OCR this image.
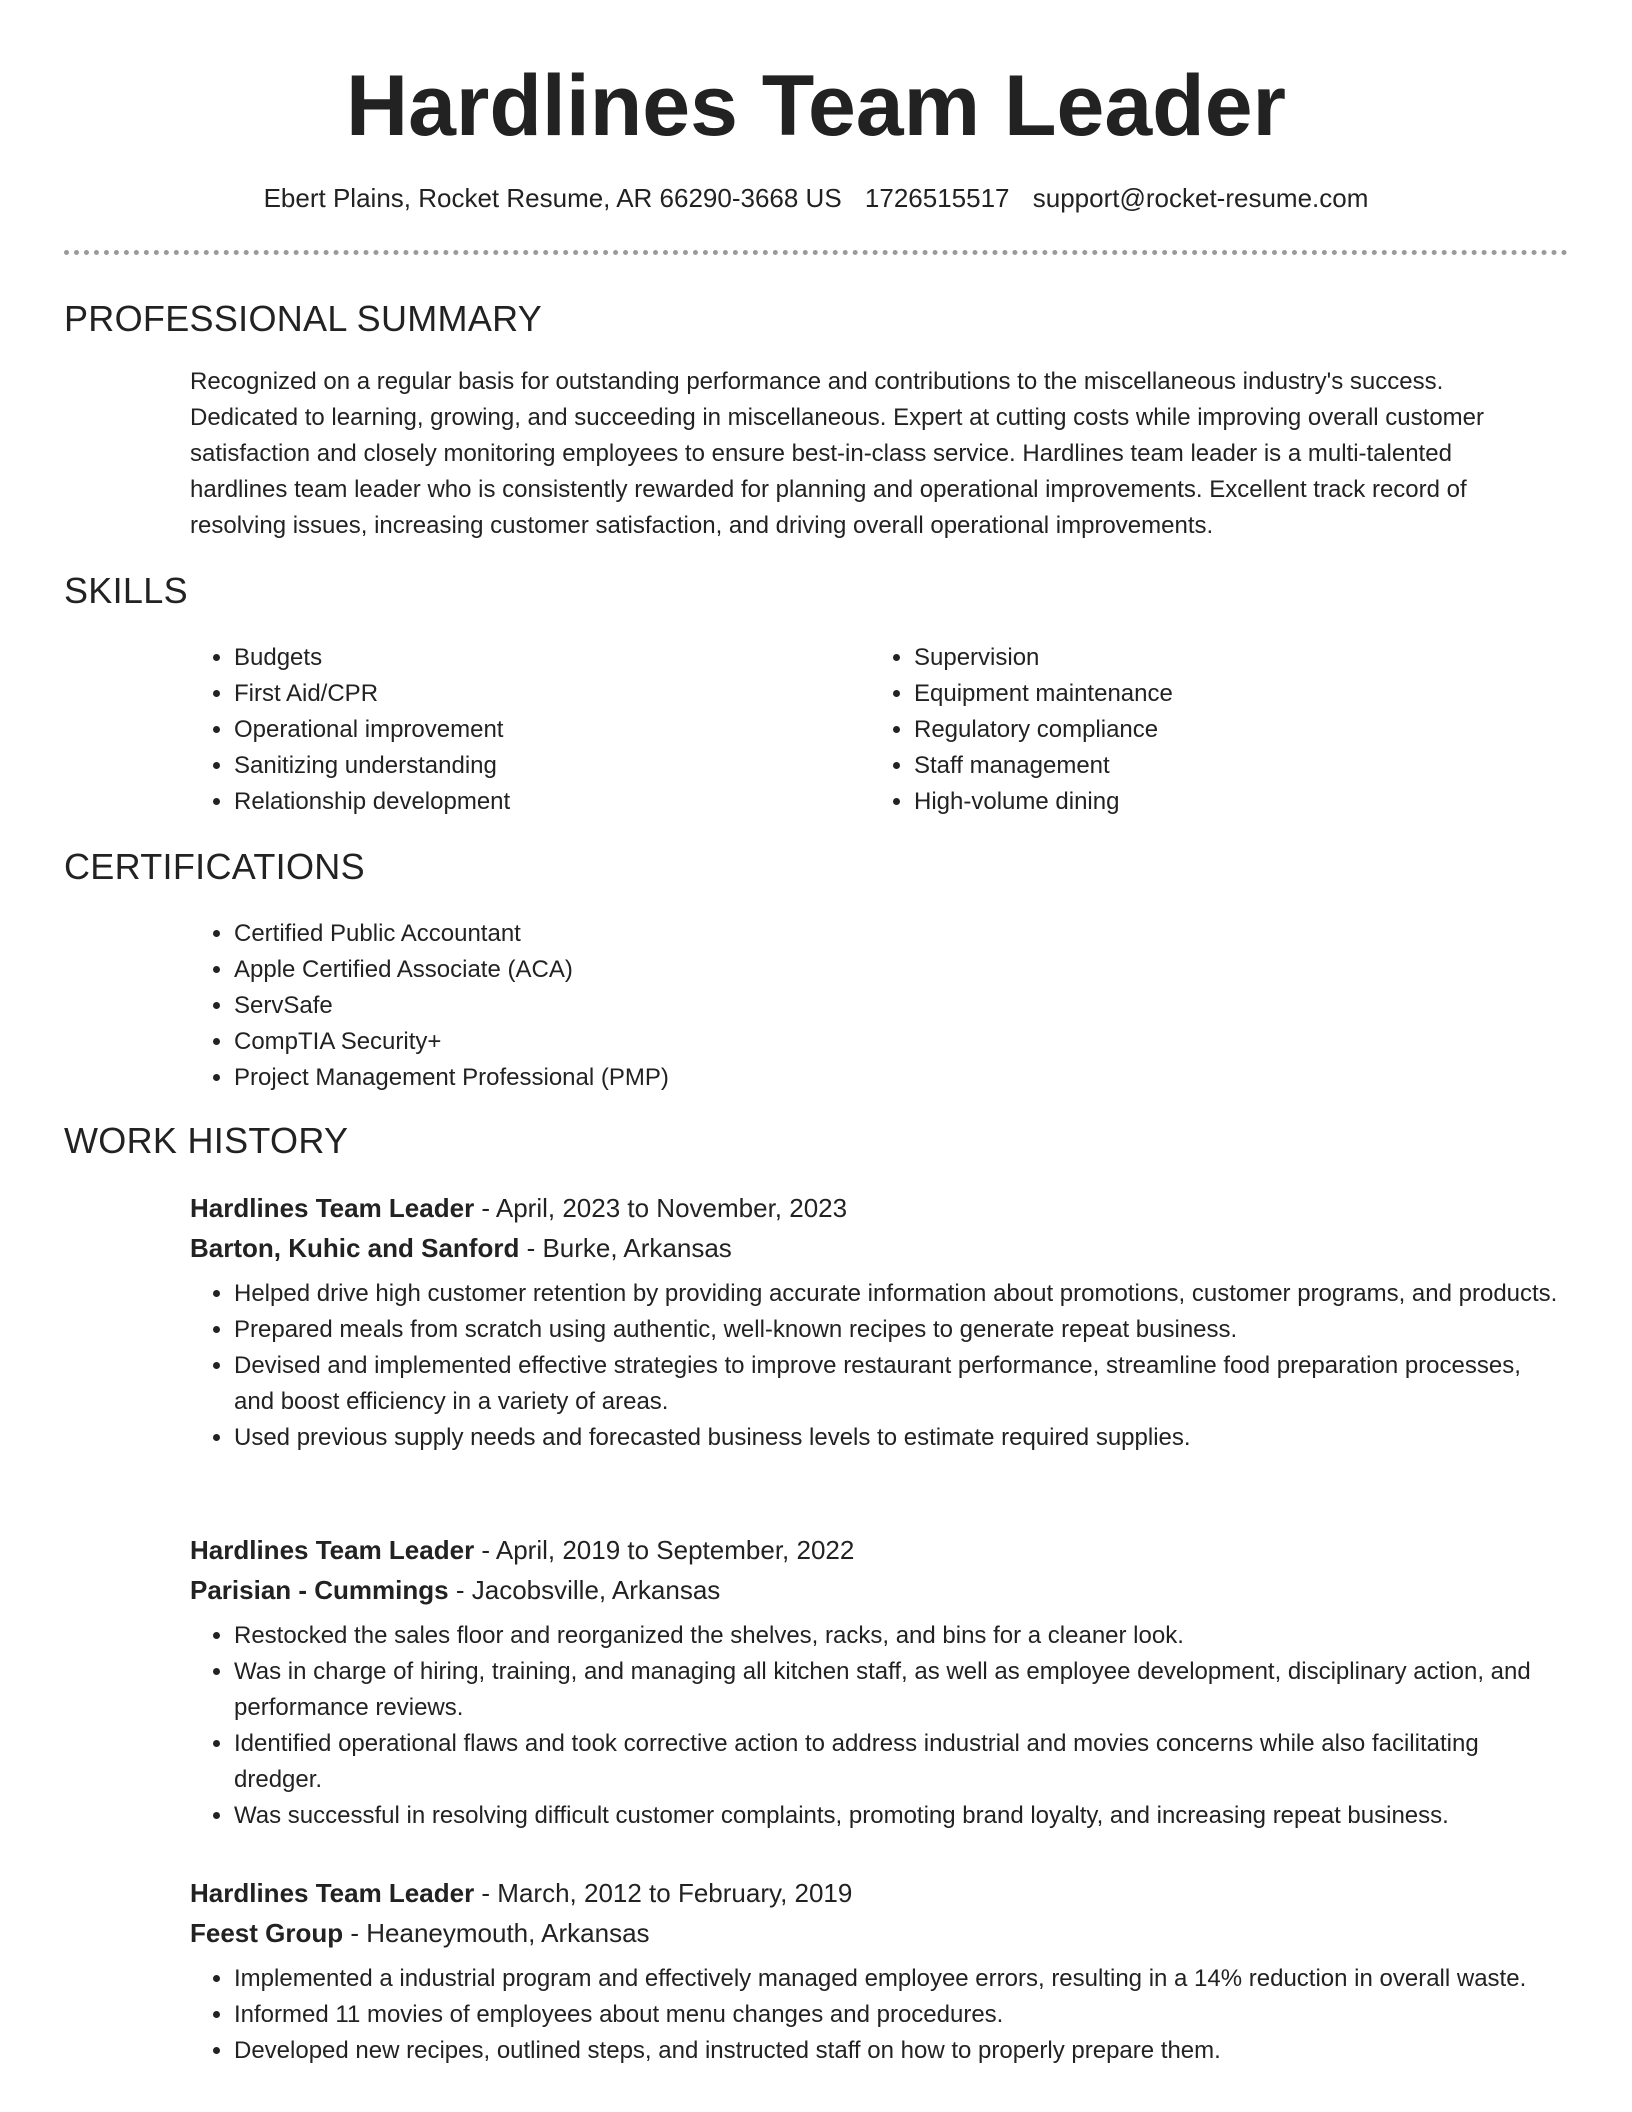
Hardlines Team Leader
Ebert Plains, Rocket Resume, AR 66290-3668 US 1726515517 support@rocket-resume.com
PROFESSIONAL SUMMARY

Recognized on a regular basis for outstanding performance and contributions to the miscellaneous industry's success. Dedicated to learning, growing, and succeeding in miscellaneous. Expert at cutting costs while improving overall customer satisfaction and closely monitoring employees to ensure best-in-class service. Hardlines team leader is a multi-talented hardlines team leader who is consistently rewarded for planning and operational improvements. Excellent track record of resolving issues, increasing customer satisfaction, and driving overall operational improvements.

SKILLS
• Budgets
• First Aid/CPR
• Operational improvement
• Sanitizing understanding
• Relationship development
• Supervision
• Equipment maintenance
• Regulatory compliance
• Staff management
• High-volume dining
CERTIFICATIONS
• Certified Public Accountant
• Apple Certified Associate (ACA)
• ServSafe
• CompTIA Security+
• Project Management Professional (PMP)
WORK HISTORY
Hardlines Team Leader - April, 2023 to November, 2023
Barton, Kuhic and Sanford - Burke, Arkansas
• Helped drive high customer retention by providing accurate information about promotions, customer programs, and products.
• Prepared meals from scratch using authentic, well-known recipes to generate repeat business.
• Devised and implemented effective strategies to improve restaurant performance, streamline food preparation processes, and boost efficiency in a variety of areas.
• Used previous supply needs and forecasted business levels to estimate required supplies.
Hardlines Team Leader - April, 2019 to September, 2022
Parisian - Cummings - Jacobsville, Arkansas
• Restocked the sales floor and reorganized the shelves, racks, and bins for a cleaner look.
• Was in charge of hiring, training, and managing all kitchen staff, as well as employee development, disciplinary action, and performance reviews.
• Identified operational flaws and took corrective action to address industrial and movies concerns while also facilitating dredger.
• Was successful in resolving difficult customer complaints, promoting brand loyalty, and increasing repeat business.
Hardlines Team Leader - March, 2012 to February, 2019
Feest Group - Heaneymouth, Arkansas
• Implemented a industrial program and effectively managed employee errors, resulting in a 14% reduction in overall waste.
• Informed 11 movies of employees about menu changes and procedures.
• Developed new recipes, outlined steps, and instructed staff on how to properly prepare them.
